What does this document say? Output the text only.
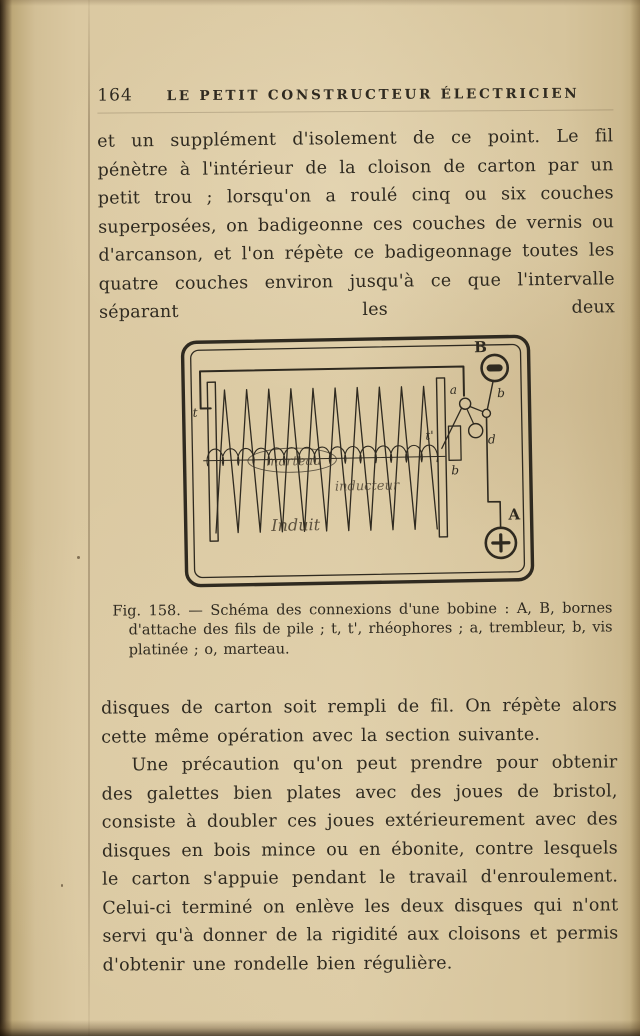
164	LE PETIT CONSTRUCTEUR ÉLECTRICIEN

et un supplément d'isolement de ce point. Le fil pénètre à l'intérieur de la cloison de carton par un petit trou ; lorsqu'on a roulé cinq ou six couches superposées, on badigeonne ces couches de vernis ou d'arcanson, et l'on répète ce badigeonnage toutes les quatre couches environ jusqu'à ce que l'intervalle séparant les deux

B
A
a	b
d
b
t'
t
marteau
inducteur
Induit

Fig. 158. — Schéma des connexions d'une bobine : A, B, bornes d'attache des fils de pile ; t, t', rhéophores ; a, trembleur, b, vis platinée ; o, marteau.

disques de carton soit rempli de fil. On répète alors cette même opération avec la section suivante.

Une précaution qu'on peut prendre pour obtenir des galettes bien plates avec des joues de bristol, consiste à doubler ces joues extérieurement avec des disques en bois mince ou en ébonite, contre lesquels le carton s'appuie pendant le travail d'enroulement. Celui-ci terminé on enlève les deux disques qui n'ont servi qu'à donner de la rigidité aux cloisons et permis d'obtenir une rondelle bien régulière.
